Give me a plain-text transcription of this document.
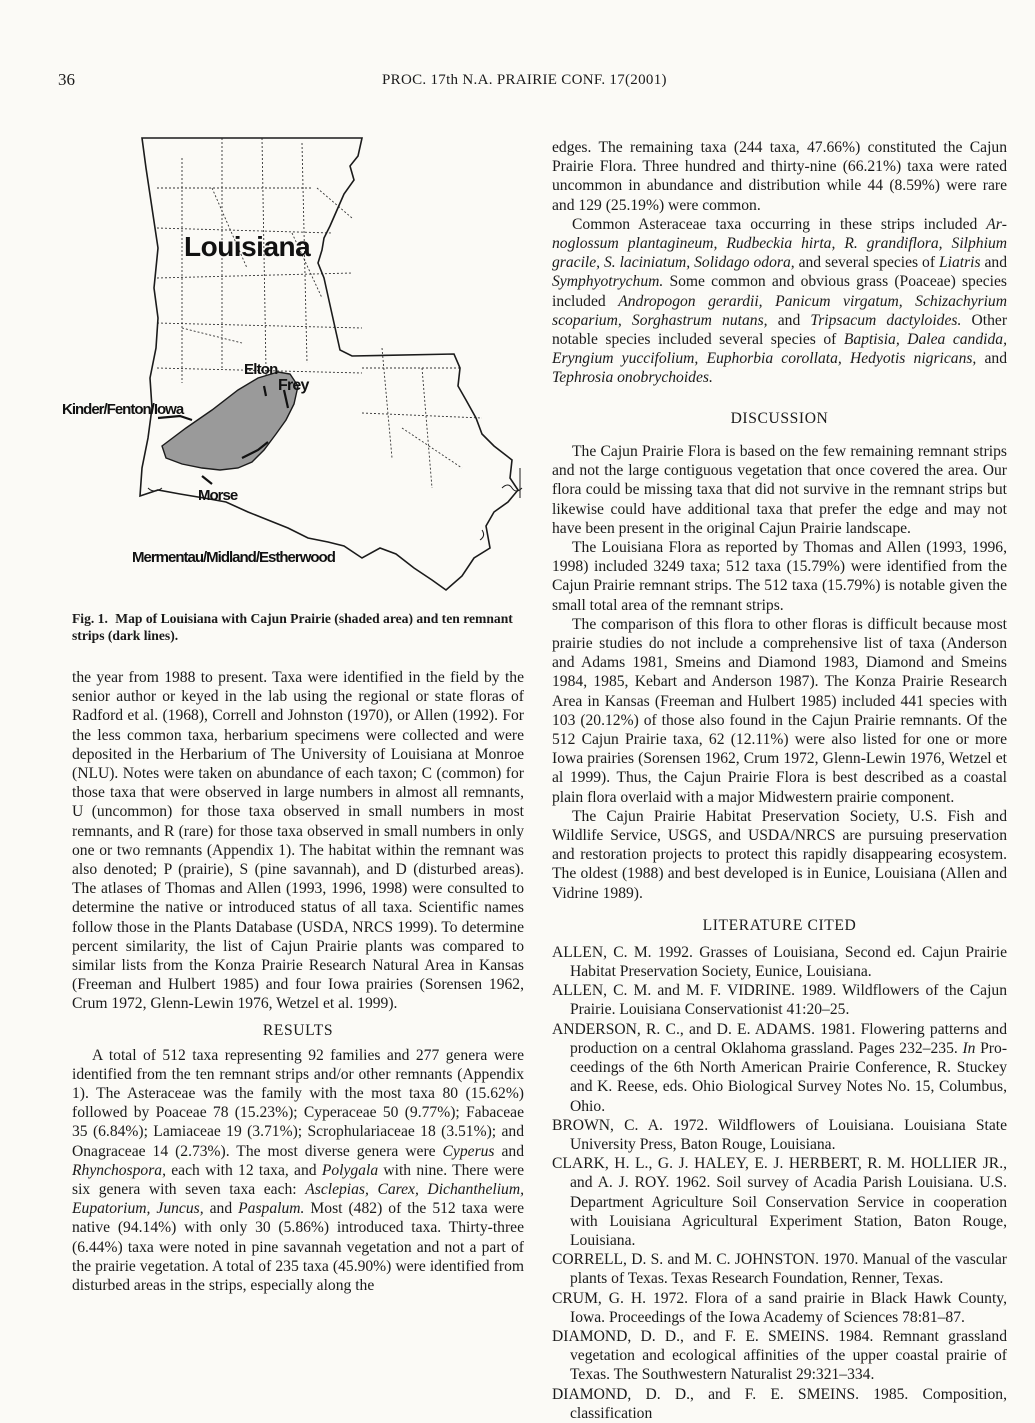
36	PROC. 17th N.A. PRAIRIE CONF. 17(2001)
Louisiana
Elton
Frey
Kinder/Fenton/Iowa
Morse
Mermentau/Midland/Estherwood
Fig. 1. Map of Louisiana with Cajun Prairie (shaded area) and ten remnant strips (dark lines).

the year from 1988 to present. Taxa were identified in the field by the senior author or keyed in the lab using the regional or state floras of Radford et al. (1968), Correll and Johnston (1970), or Allen (1992). For the less common taxa, herbarium specimens were collected and were deposited in the Herbarium of The University of Louisiana at Monroe (NLU). Notes were taken on abundance of each taxon; C (common) for those taxa that were observed in large numbers in almost all remnants, U (uncommon) for those taxa observed in small numbers in most remnants, and R (rare) for those taxa observed in small numbers in only one or two remnants (Appendix 1). The habitat within the remnant was also denoted; P (prairie), S (pine savannah), and D (disturbed areas). The atlases of Thomas and Allen (1993, 1996, 1998) were consulted to determine the native or introduced status of all taxa. Scientific names follow those in the Plants Database (USDA, NRCS 1999). To determine percent similarity, the list of Cajun Prairie plants was compared to similar lists from the Konza Prairie Research Natural Area in Kansas (Freeman and Hulbert 1985) and four Iowa prairies (Sorensen 1962, Crum 1972, Glenn-Lewin 1976, Wetzel et al. 1999).

RESULTS

A total of 512 taxa representing 92 families and 277 genera were identified from the ten remnant strips and/or other remnants (Appendix 1). The Asteraceae was the family with the most taxa 80 (15.62%) followed by Poaceae 78 (15.23%); Cyperaceae 50 (9.77%); Fabaceae 35 (6.84%); Lamiaceae 19 (3.71%); Scrophulariaceae 18 (3.51%); and Onagraceae 14 (2.73%). The most diverse genera were Cyperus and Rhynchospora, each with 12 taxa, and Polygala with nine. There were six genera with seven taxa each: Asclepias, Carex, Dichanthelium, Eupatorium, Juncus, and Paspalum. Most (482) of the 512 taxa were native (94.14%) with only 30 (5.86%) introduced taxa. Thirty-three (6.44%) taxa were noted in pine savannah vegetation and not a part of the prairie vegetation. A total of 235 taxa (45.90%) were identified from disturbed areas in the strips, especially along the

edges. The remaining taxa (244 taxa, 47.66%) constituted the Cajun Prairie Flora. Three hundred and thirty-nine (66.21%) taxa were rated uncommon in abundance and distribution while 44 (8.59%) were rare and 129 (25.19%) were common.

Common Asteraceae taxa occurring in these strips included Arnoglossum plantagineum, Rudbeckia hirta, R. grandiflora, Silphium gracile, S. laciniatum, Solidago odora, and several species of Liatris and Symphyotrychum. Some common and obvious grass (Poaceae) species included Andropogon gerardii, Panicum virgatum, Schizachyrium scoparium, Sorghastrum nutans, and Tripsacum dactyloides. Other notable species included several species of Baptisia, Dalea candida, Eryngium yuccifolium, Euphorbia corollata, Hedyotis nigricans, and Tephrosia onobrychoides.

DISCUSSION

The Cajun Prairie Flora is based on the few remaining remnant strips and not the large contiguous vegetation that once covered the area. Our flora could be missing taxa that did not survive in the remnant strips but likewise could have additional taxa that prefer the edge and may not have been present in the original Cajun Prairie landscape.

The Louisiana Flora as reported by Thomas and Allen (1993, 1996, 1998) included 3249 taxa; 512 taxa (15.79%) were identified from the Cajun Prairie remnant strips. The 512 taxa (15.79%) is notable given the small total area of the remnant strips.

The comparison of this flora to other floras is difficult because most prairie studies do not include a comprehensive list of taxa (Anderson and Adams 1981, Smeins and Diamond 1983, Diamond and Smeins 1984, 1985, Kebart and Anderson 1987). The Konza Prairie Research Area in Kansas (Freeman and Hulbert 1985) included 441 species with 103 (20.12%) of those also found in the Cajun Prairie remnants. Of the 512 Cajun Prairie taxa, 62 (12.11%) were also listed for one or more Iowa prairies (Sorensen 1962, Crum 1972, Glenn-Lewin 1976, Wetzel et al 1999). Thus, the Cajun Prairie Flora is best described as a coastal plain flora overlaid with a major Midwestern prairie component.

The Cajun Prairie Habitat Preservation Society, U.S. Fish and Wildlife Service, USGS, and USDA/NRCS are pursuing preservation and restoration projects to protect this rapidly disappearing ecosystem. The oldest (1988) and best developed is in Eunice, Louisiana (Allen and Vidrine 1989).

LITERATURE CITED

ALLEN, C. M. 1992. Grasses of Louisiana, Second ed. Cajun Prairie Habitat Preservation Society, Eunice, Louisiana.

ALLEN, C. M. and M. F. VIDRINE. 1989. Wildflowers of the Cajun Prairie. Louisiana Conservationist 41:20–25.

ANDERSON, R. C., and D. E. ADAMS. 1981. Flowering patterns and production on a central Oklahoma grassland. Pages 232–235. In Proceedings of the 6th North American Prairie Conference, R. Stuckey and K. Reese, eds. Ohio Biological Survey Notes No. 15, Columbus, Ohio.

BROWN, C. A. 1972. Wildflowers of Louisiana. Louisiana State University Press, Baton Rouge, Louisiana.

CLARK, H. L., G. J. HALEY, E. J. HERBERT, R. M. HOLLIER JR., and A. J. ROY. 1962. Soil survey of Acadia Parish Louisiana. U.S. Department Agriculture Soil Conservation Service in cooperation with Louisiana Agricultural Experiment Station, Baton Rouge, Louisiana.

CORRELL, D. S. and M. C. JOHNSTON. 1970. Manual of the vascular plants of Texas. Texas Research Foundation, Renner, Texas.

CRUM, G. H. 1972. Flora of a sand prairie in Black Hawk County, Iowa. Proceedings of the Iowa Academy of Sciences 78:81–87.

DIAMOND, D. D., and F. E. SMEINS. 1984. Remnant grassland vegetation and ecological affinities of the upper coastal prairie of Texas. The Southwestern Naturalist 29:321–334.

DIAMOND, D. D., and F. E. SMEINS. 1985. Composition, classification
